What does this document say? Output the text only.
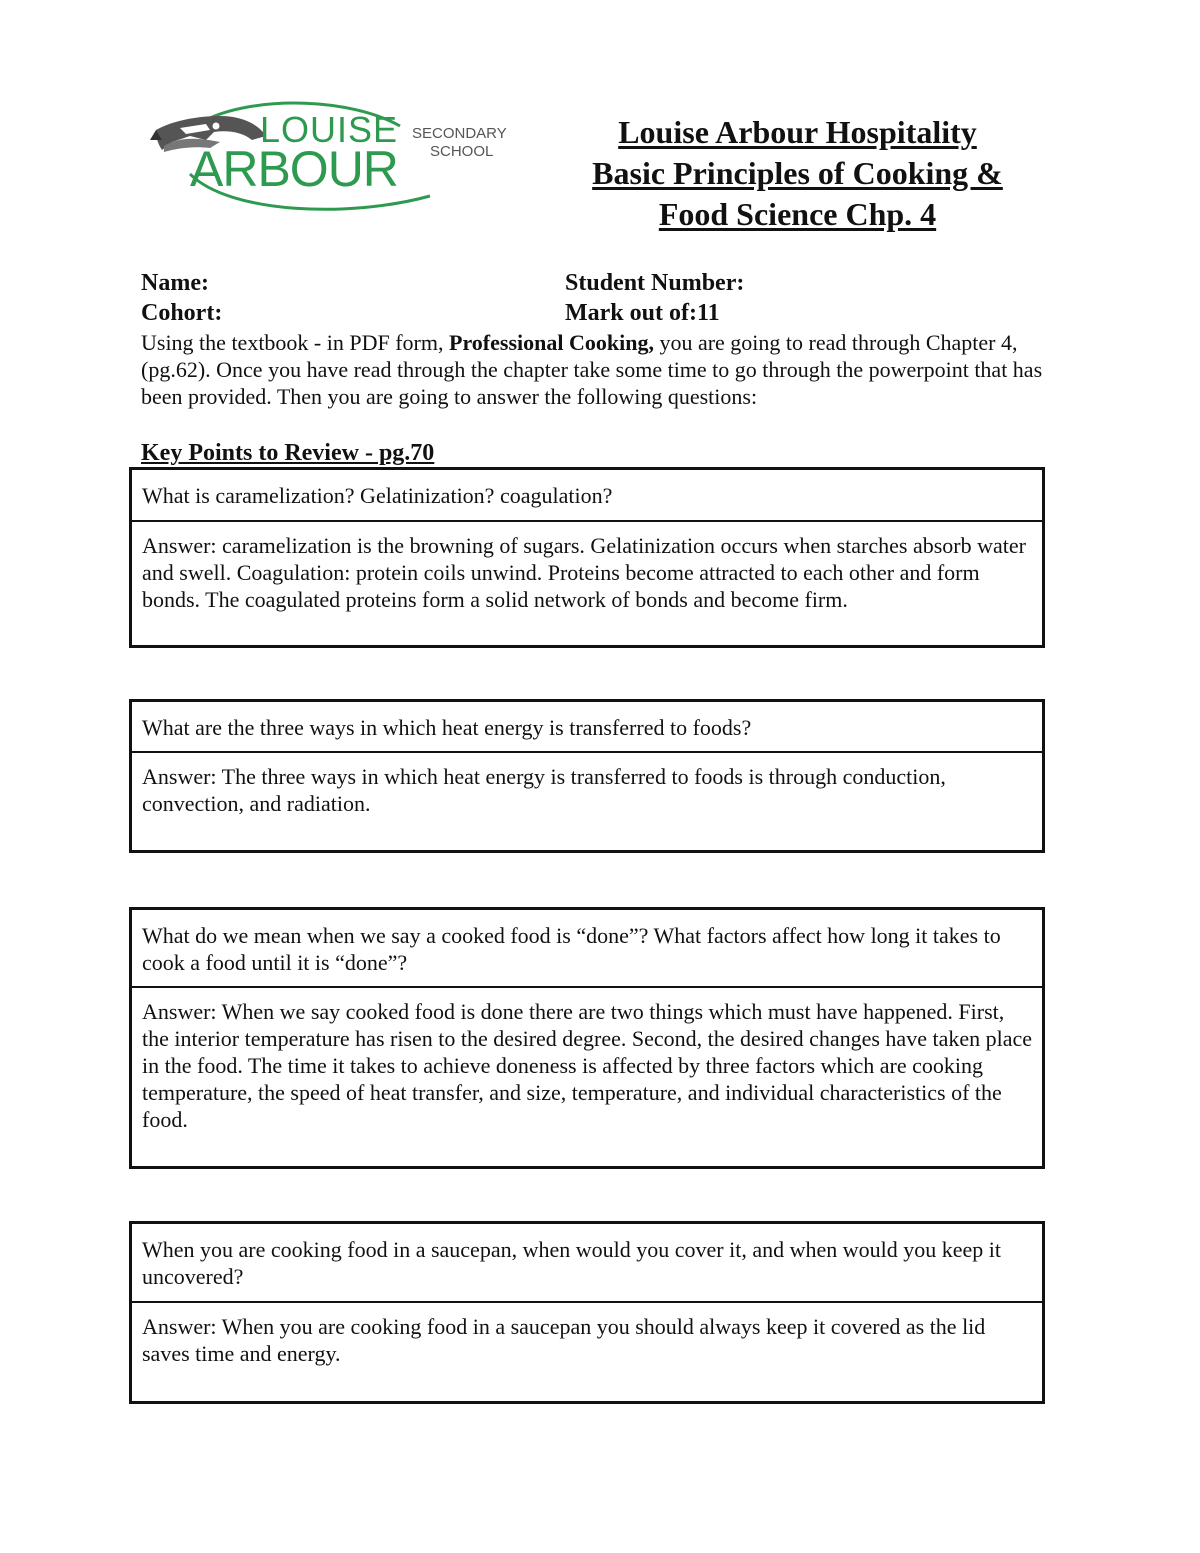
LOUISE
ARBOUR
SECONDARY
SCHOOL
Louise Arbour Hospitality
Basic Principles of Cooking &
Food Science Chp. 4
Name:
Cohort:
Student Number:
Mark out of:11
Using the textbook - in PDF form, Professional Cooking, you are going to read through Chapter 4, (pg.62). Once you have read through the chapter take some time to go through the powerpoint that has been provided. Then you are going to answer the following questions:
Key Points to Review - pg.70
What is caramelization? Gelatinization? coagulation?
Answer: caramelization is the browning of sugars. Gelatinization occurs when starches absorb water and swell. Coagulation: protein coils unwind. Proteins become attracted to each other and form bonds. The coagulated proteins form a solid network of bonds and become firm.
What are the three ways in which heat energy is transferred to foods?
Answer: The three ways in which heat energy is transferred to foods is through conduction, convection, and radiation.
What do we mean when we say a cooked food is “done”? What factors affect how long it takes to cook a food until it is “done”?
Answer: When we say cooked food is done there are two things which must have happened. First, the interior temperature has risen to the desired degree. Second, the desired changes have taken place in the food. The time it takes to achieve doneness is affected by three factors which are cooking temperature, the speed of heat transfer, and size, temperature, and individual characteristics of the food.
When you are cooking food in a saucepan, when would you cover it, and when would you keep it uncovered?
Answer: When you are cooking food in a saucepan you should always keep it covered as the lid saves time and energy.
